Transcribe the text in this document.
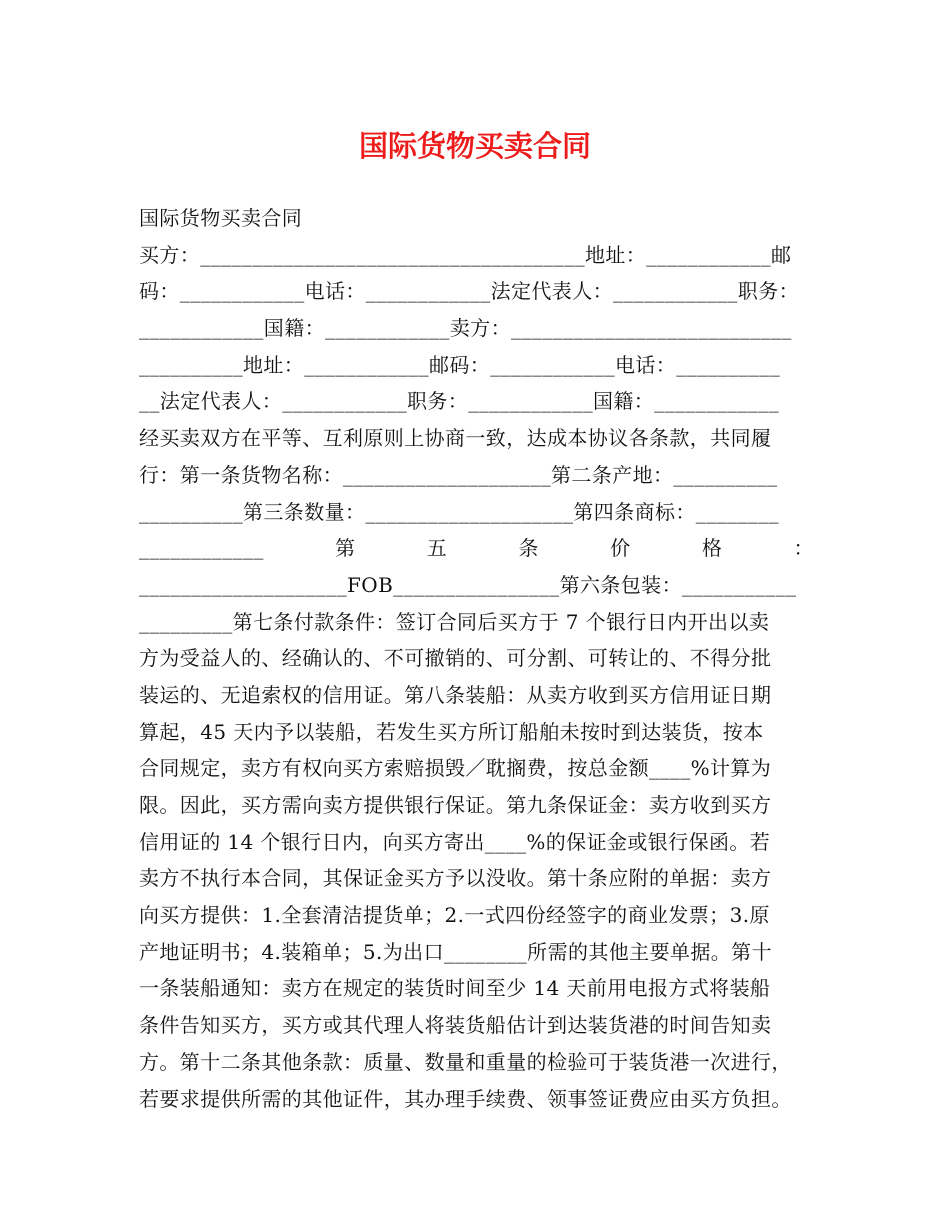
国际货物买卖合同
国际货物买卖合同
买方：_____________________________________地址：____________邮
码：____________电话：____________法定代表人：____________职务：
____________国籍：____________卖方：___________________________
__________地址：____________邮码：____________电话：__________
__法定代表人：____________职务：____________国籍：____________
经买卖双方在平等、互利原则上协商一致，达成本协议各条款，共同履
行：第一条货物名称：____________________第二条产地：__________
__________第三条数量：____________________第四条商标：________
____________	第	五	条	价	格	：
____________________FOB________________第六条包装：___________
_________第七条付款条件：签订合同后买方于 7 个银行日内开出以卖
方为受益人的、经确认的、不可撤销的、可分割、可转让的、不得分批
装运的、无追索权的信用证。第八条装船：从卖方收到买方信用证日期
算起，45 天内予以装船，若发生买方所订船舶未按时到达装货，按本
合同规定，卖方有权向买方索赔损毁／耽搁费，按总金额____%计算为
限。因此，买方需向卖方提供银行保证。第九条保证金：卖方收到买方
信用证的 14 个银行日内，向买方寄出____%的保证金或银行保函。若
卖方不执行本合同，其保证金买方予以没收。第十条应附的单据：卖方
向买方提供：1.全套清洁提货单；2.一式四份经签字的商业发票；3.原
产地证明书；4.装箱单；5.为出口________所需的其他主要单据。第十
一条装船通知：卖方在规定的装货时间至少 14 天前用电报方式将装船
条件告知买方，买方或其代理人将装货船估计到达装货港的时间告知卖
方。第十二条其他条款：质量、数量和重量的检验可于装货港一次进行，
若要求提供所需的其他证件，其办理手续费、领事签证费应由买方负担。
